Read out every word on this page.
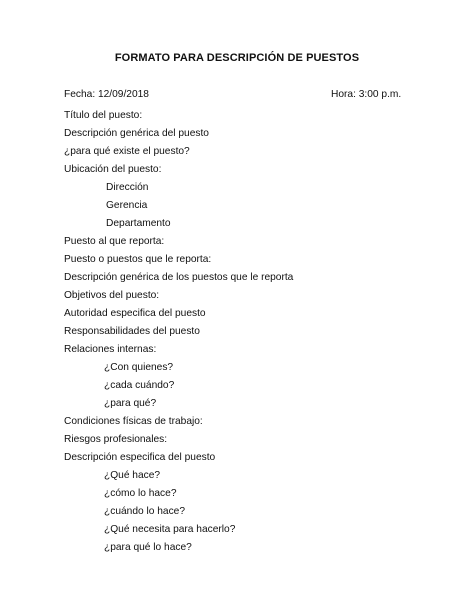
FORMATO PARA DESCRIPCIÓN DE PUESTOS
Fecha: 12/09/2018	Hora: 3:00 p.m.
Título del puesto:
Descripción genérica del puesto
¿para qué existe el puesto?
Ubicación del puesto:
Dirección
Gerencia
Departamento
Puesto al que reporta:
Puesto o puestos que le reporta:
Descripción genérica de los puestos que le reporta
Objetivos del puesto:
Autoridad especifica del puesto
Responsabilidades del puesto
Relaciones internas:
¿Con quienes?
¿cada cuándo?
¿para qué?
Condiciones físicas de trabajo:
Riesgos profesionales:
Descripción especifica del puesto
¿Qué hace?
¿cómo lo hace?
¿cuándo lo hace?
¿Qué necesita para hacerlo?
¿para qué lo hace?
